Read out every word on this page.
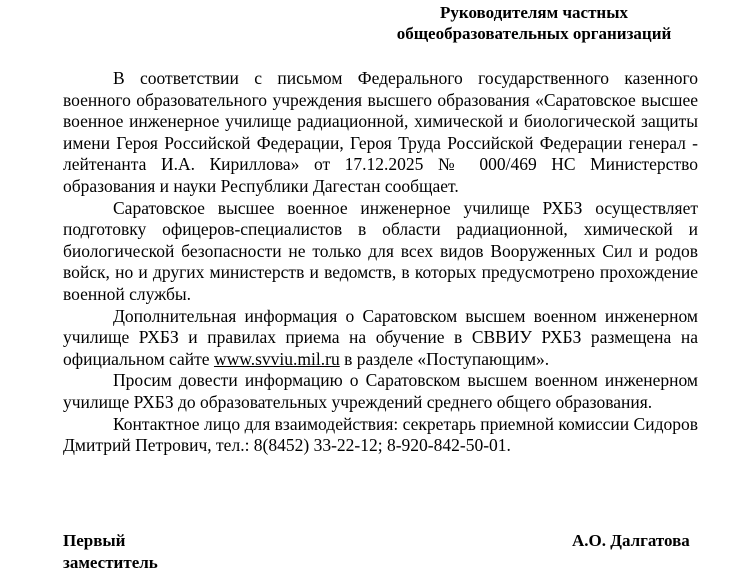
Руководителям частных
общеобразовательных организаций

В соответствии с письмом Федерального государственного казенного военного образовательного учреждения высшего образования «Саратовское высшее военное инженерное училище радиационной, химической и биологической защиты имени Героя Российской Федерации, Героя Труда Российской Федерации генерал - лейтенанта И.А. Кириллова» от 17.12.2025 № 000/469 НС Министерство образования и науки Республики Дагестан сообщает.

Саратовское высшее военное инженерное училище РХБЗ осуществляет подготовку офицеров-специалистов в области радиационной, химической и биологической безопасности не только для всех видов Вооруженных Сил и родов войск, но и других министерств и ведомств, в которых предусмотрено прохождение военной службы.

Дополнительная информация о Саратовском высшем военном инженерном училище РХБЗ и правилах приема на обучение в СВВИУ РХБЗ размещена на официальном сайте www.svviu.mil.ru в разделе «Поступающим».

Просим довести информацию о Саратовском высшем военном инженерном училище РХБЗ до образовательных учреждений среднего общего образования.

Контактное лицо для взаимодействия: секретарь приемной комиссии Сидоров Дмитрий Петрович, тел.: 8(8452) 33-22-12; 8-920-842-50-01.

Первый
заместитель
А.О. Далгатова
